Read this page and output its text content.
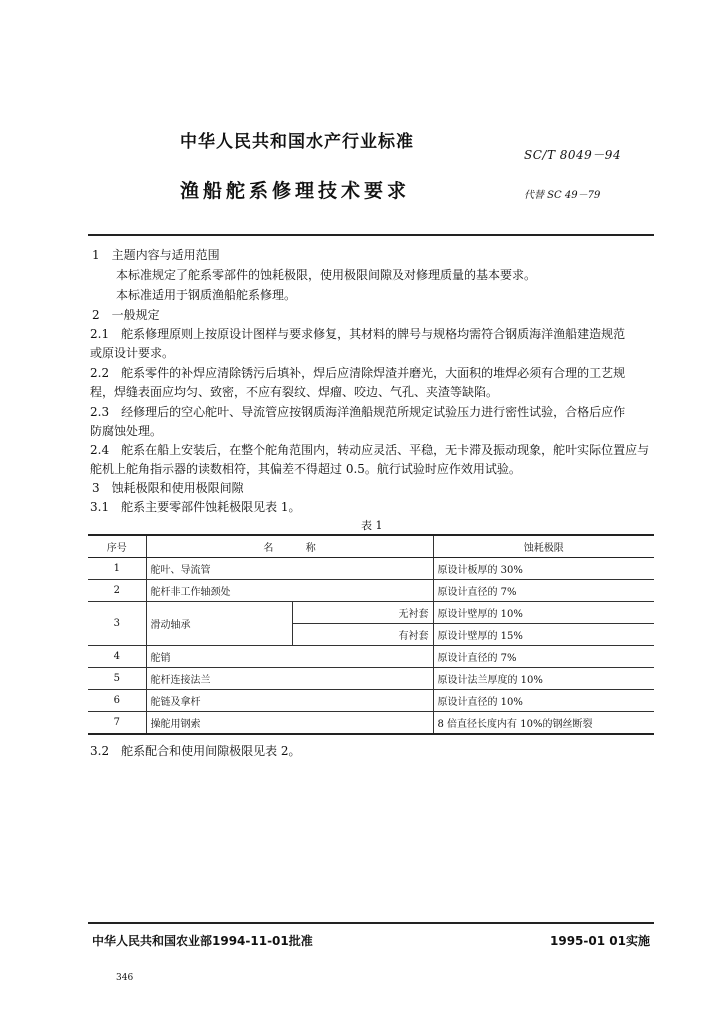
中华人民共和国水产行业标准
SC/T 8049－94
渔船舵系修理技术要求	代替 SC 49－79
1　主题内容与适用范围
本标准规定了舵系零部件的蚀耗极限，使用极限间隙及对修理质量的基本要求。
本标准适用于钢质渔船舵系修理。
2　一般规定
2.1　舵系修理原则上按原设计图样与要求修复，其材料的牌号与规格均需符合钢质海洋渔船建造规范
或原设计要求。
2.2　舵系零件的补焊应清除锈污后填补，焊后应清除焊渣并磨光，大面积的堆焊必须有合理的工艺规
程，焊缝表面应均匀、致密，不应有裂纹、焊瘤、咬边、气孔、夹渣等缺陷。
2.3　经修理后的空心舵叶、导流管应按钢质海洋渔船规范所规定试验压力进行密性试验，合格后应作
防腐蚀处理。
2.4　舵系在船上安装后，在整个舵角范围内，转动应灵活、平稳，无卡滞及振动现象，舵叶实际位置应与
舵机上舵角指示器的读数相符，其偏差不得超过 0.5。航行试验时应作效用试验。
3　蚀耗极限和使用极限间隙
3.1　舵系主要零部件蚀耗极限见表 1。
表 1
序号	名 称		蚀耗极限
1	舵叶、导流管		原设计板厚的 30%
2	舵杆非工作轴颈处		原设计直径的 7%
3	滑动轴承	无衬套	原设计壁厚的 10%
		有衬套	原设计壁厚的 15%
4	舵销		原设计直径的 7%
5	舵杆连接法兰		原设计法兰厚度的 10%
6	舵链及拿杆		原设计直径的 10%
7	操舵用钢索		8 倍直径长度内有 10%的钢丝断裂
3.2　舵系配合和使用间隙极限见表 2。
中华人民共和国农业部1994-11-01批准	1995-01 01实施
346
